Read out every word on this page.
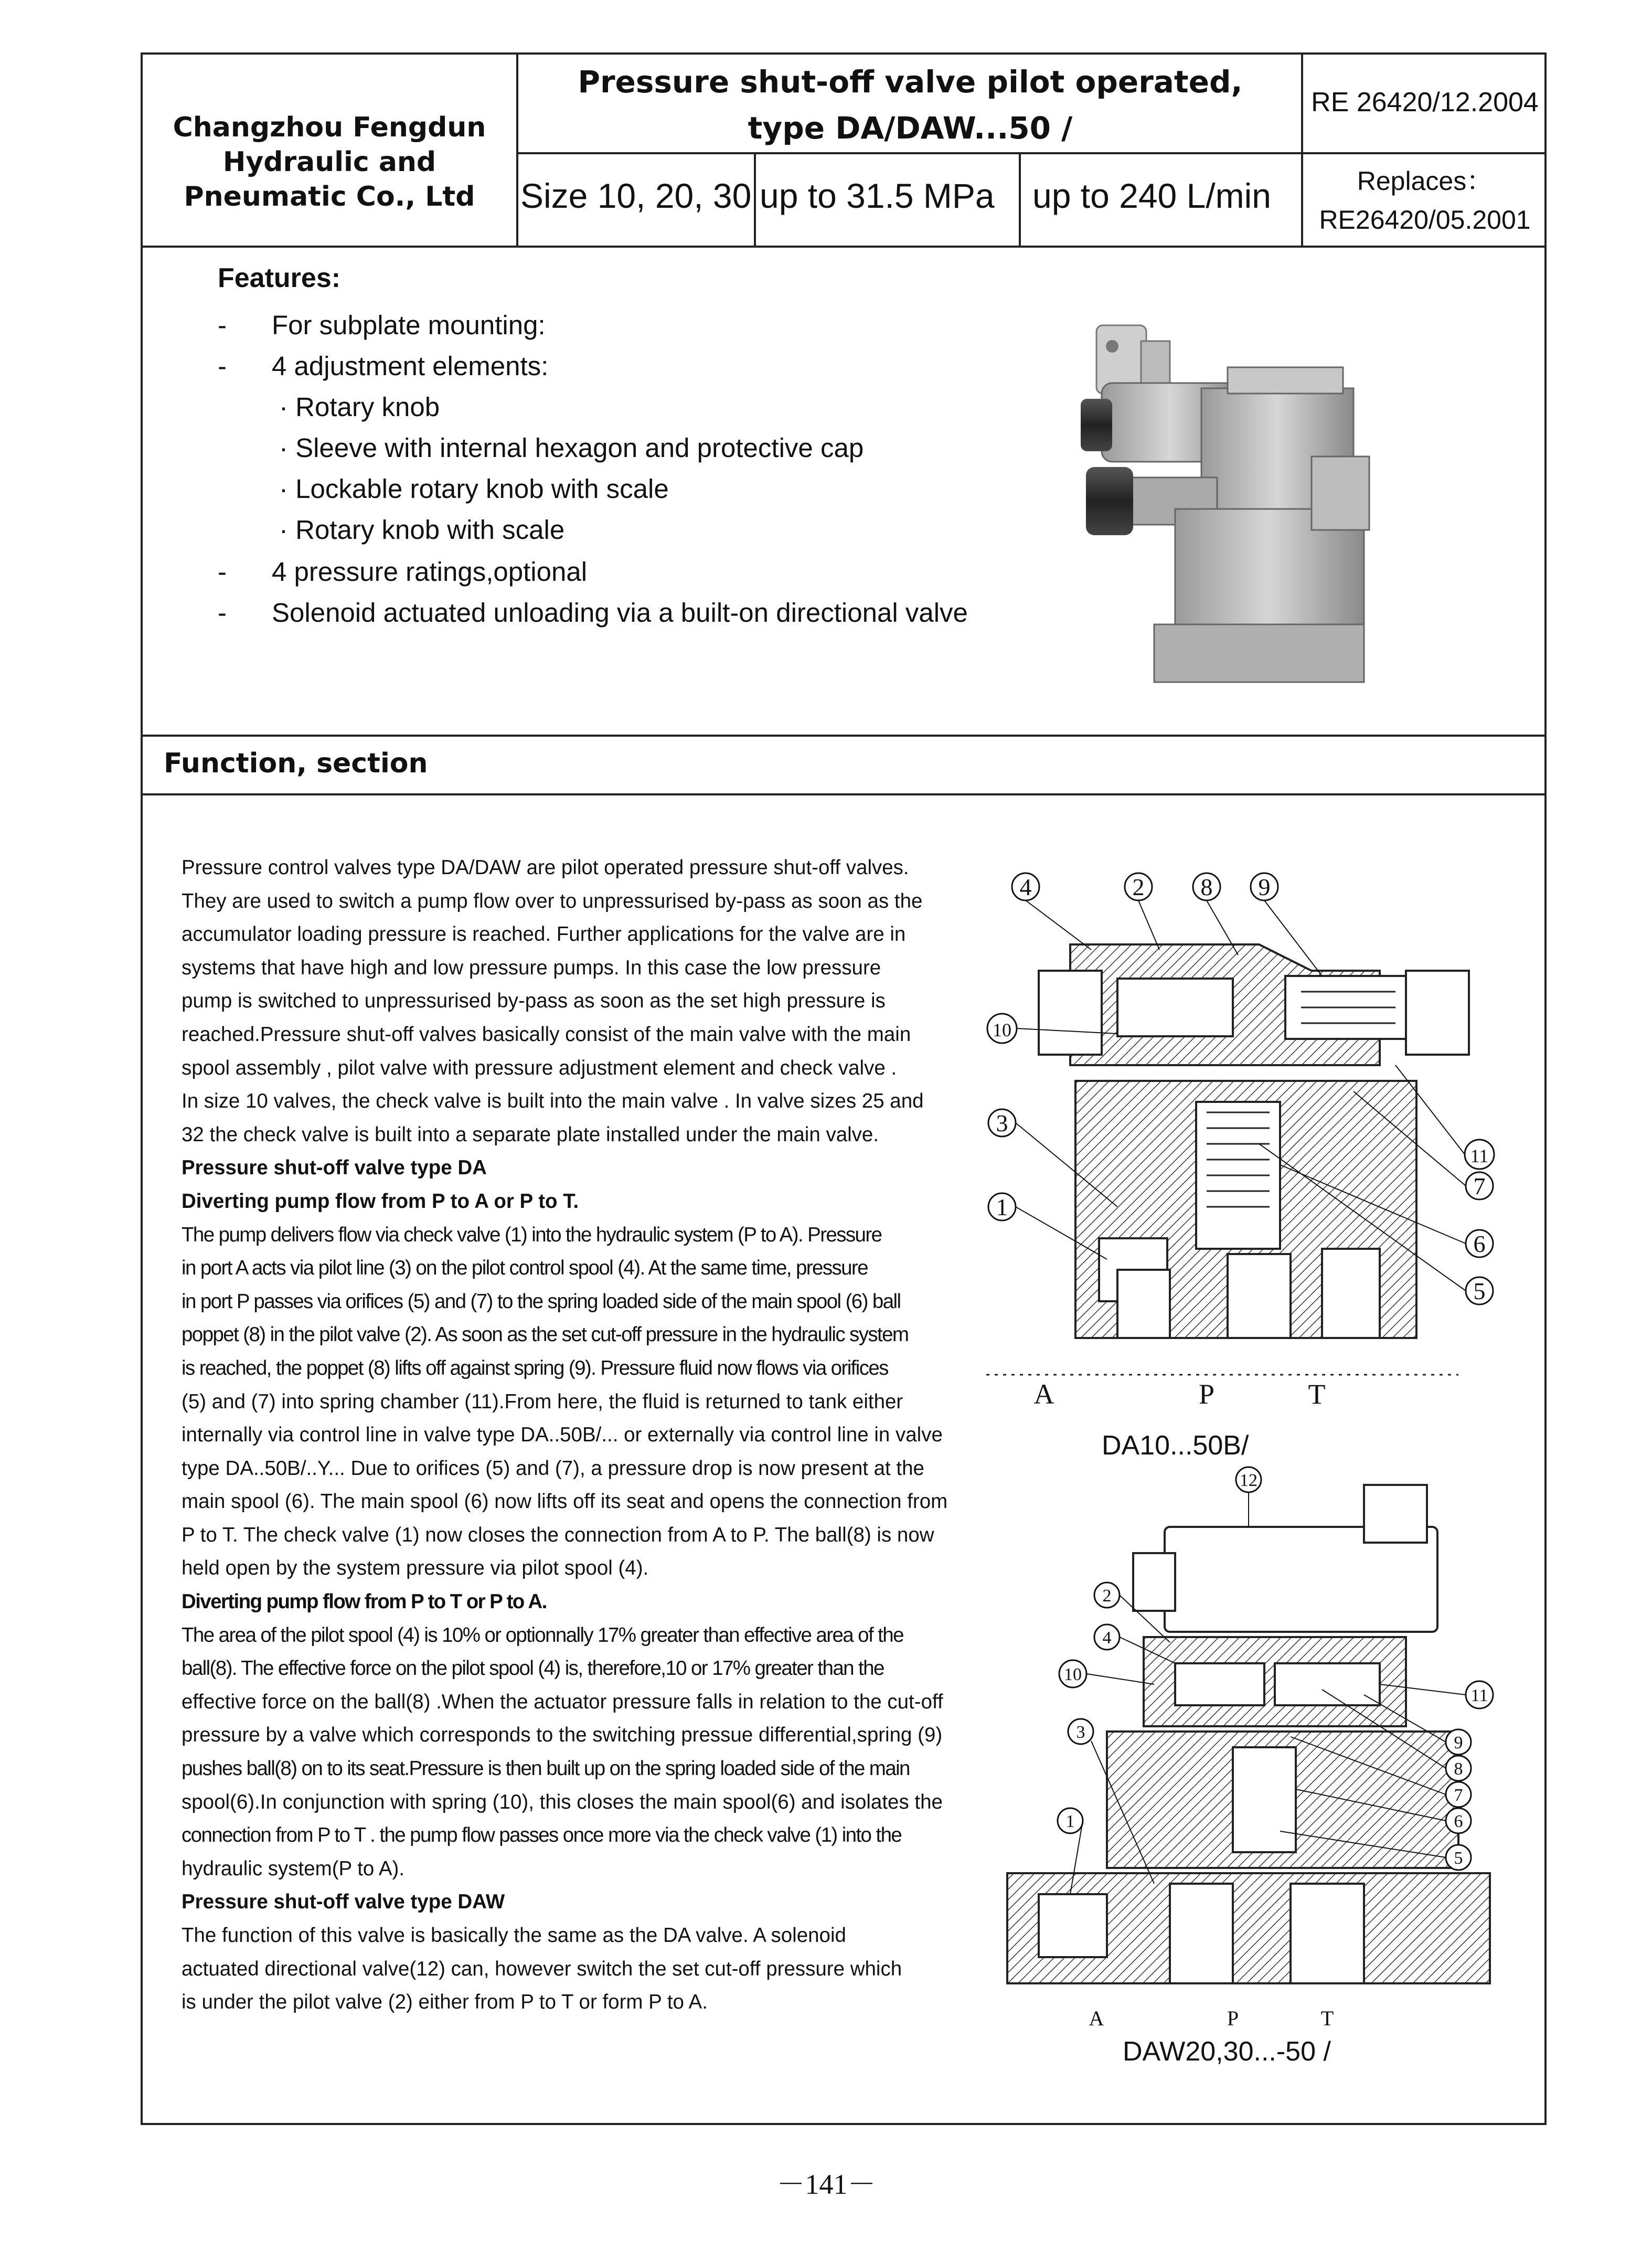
Changzhou Fengdun Hydraulic and Pneumatic Co., Ltd
Pressure shut-off valve pilot operated,
type DA/DAW...50 /
RE 26420/12.2004
Replaces：
RE26420/05.2001
Size 10, 20, 30 up to 31.5 MPa up to 240 L/min
Features:
-
-
-
-
For subplate mounting:
4 adjustment elements:
· Rotary knob
· Sleeve with internal hexagon and protective cap
· Lockable rotary knob with scale
· Rotary knob with scale
4 pressure ratings,optional
Solenoid actuated unloading via a built-on directional valve
Function, section
Pressure control valves type DA/DAW are pilot operated pressure shut-off valves.
They are used to switch a pump flow over to unpressurised by-pass as soon as the
accumulator loading pressure is reached. Further applications for the valve are in
systems that have high and low pressure pumps. In this case the low pressure
pump is switched to unpressurised by-pass as soon as the set high pressure is
reached.Pressure shut-off valves basically consist of the main valve with the main
spool assembly , pilot valve with pressure adjustment element and check valve .
In size 10 valves, the check valve is built into the main valve . In valve sizes 25 and
32 the check valve is built into a separate plate installed under the main valve.
Pressure shut-off valve type DA
Diverting pump flow from P to A or P to T.
The pump delivers flow via check valve (1) into the hydraulic system (P to A). Pressure
in port A acts via pilot line (3) on the pilot control spool (4). At the same time, pressure
in port P passes via orifices (5) and (7) to the spring loaded side of the main spool (6) ball
poppet (8) in the pilot valve (2). As soon as the set cut-off pressure in the hydraulic system
is reached, the poppet (8) lifts off against spring (9). Pressure fluid now flows via orifices
(5) and (7) into spring chamber (11).From here, the fluid is returned to tank either
internally via control line in valve type DA..50B/... or externally via control line in valve
type DA..50B/..Y... Due to orifices (5) and (7), a pressure drop is now present at the
main spool (6). The main spool (6) now lifts off its seat and opens the connection from
P to T. The check valve (1) now closes the connection from A to P. The ball(8) is now
held open by the system pressure via pilot spool (4).
Diverting pump flow from P to T or P to A.
The area of the pilot spool (4) is 10% or optionnally 17% greater than effective area of the
ball(8). The effective force on the pilot spool (4) is, therefore,10 or 17% greater than the
effective force on the ball(8) .When the actuator pressure falls in relation to the cut-off
pressure by a valve which corresponds to the switching pressue differential,spring (9)
pushes ball(8) on to its seat.Pressure is then built up on the spring loaded side of the main
spool(6).In conjunction with spring (10), this closes the main spool(6) and isolates the
connection from P to T . the pump flow passes once more via the check valve (1) into the
hydraulic system(P to A).
Pressure shut-off valve type DAW
The function of this valve is basically the same as the DA valve. A solenoid
actuated directional valve(12) can, however switch the set cut-off pressure which
is under the pilot valve (2) either from P to T or form P to A.
4	2 8 9
10
11
7
3
6
1
5
A	P	T
DA10...50B/
12
2
4
10
11
3
9
8
7
1	6
5
A	P	T
DAW20,30...-50 /
－141－
